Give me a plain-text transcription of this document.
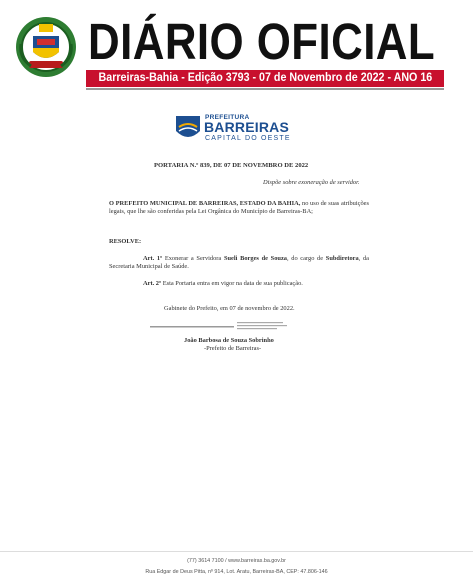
DIÁRIO OFICIAL
Barreiras-Bahia - Edição 3793 - 07 de Novembro de 2022 - ANO 16
PREFEITURA
BARREIRAS
CAPITAL DO OESTE
PORTARIA N.º 839, DE 07 DE NOVEMBRO DE 2022
Dispõe sobre exoneração de servidor.
O PREFEITO MUNICIPAL DE BARREIRAS, ESTADO DA BAHIA, no uso de suas atribuições legais, que lhe são conferidas pela Lei Orgânica do Município de Barreiras-BA;
RESOLVE:
Art. 1º Exonerar a Servidora Sueli Borges de Souza, do cargo de Subdiretora, da Secretaria Municipal de Saúde.
Art. 2º Esta Portaria entra em vigor na data de sua publicação.
Gabinete do Prefeito, em 07 de novembro de 2022.
João Barbosa de Souza Sobrinho
-Prefeito de Barreiras-
(77) 3614 7100 / www.barreiras.ba.gov.br
Rua Edgar de Deus Pitta, nº 914, Lot. Aratu, Barreiras-BA, CEP: 47.806-146
